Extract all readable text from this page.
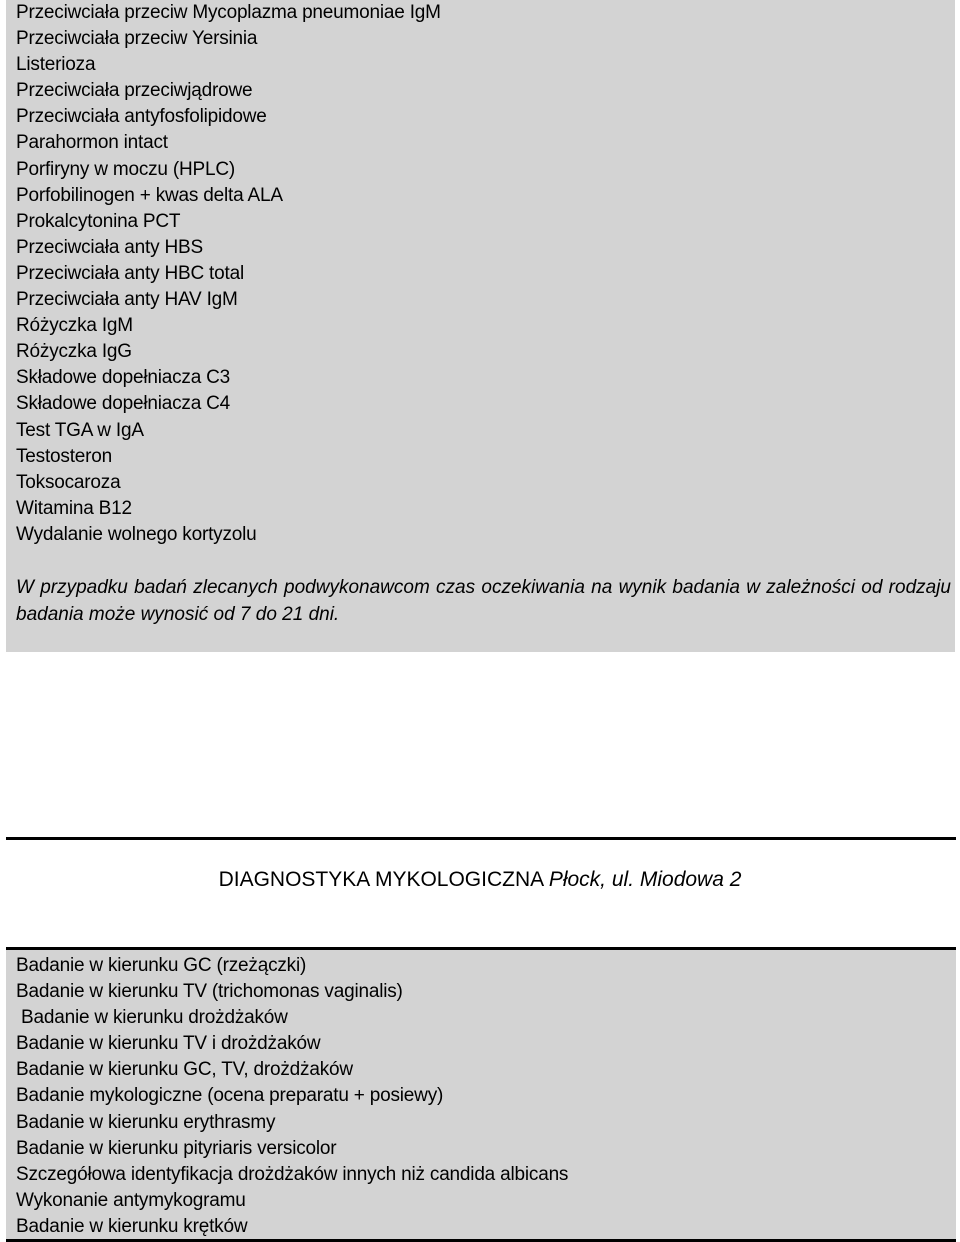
Przeciwciała przeciw Mycoplazma pneumoniae IgM
Przeciwciała przeciw Yersinia
Listerioza
Przeciwciała przeciwjądrowe
Przeciwciała antyfosfolipidowe
Parahormon intact
Porfiryny w moczu (HPLC)
Porfobilinogen + kwas delta ALA
Prokalcytonina PCT
Przeciwciała anty HBS
Przeciwciała anty HBC total
Przeciwciała anty HAV IgM
Różyczka IgM
Różyczka IgG
Składowe dopełniacza C3
Składowe dopełniacza C4
Test TGA w IgA
Testosteron
Toksocaroza
Witamina B12
Wydalanie wolnego kortyzolu
W przypadku badań zlecanych podwykonawcom czas oczekiwania na wynik badania w zależności od rodzaju badania może wynosić od 7 do 21 dni.
DIAGNOSTYKA MYKOLOGICZNA Płock, ul. Miodowa 2
Badanie w kierunku GC (rzeżączki)
Badanie w kierunku TV (trichomonas vaginalis)
Badanie w kierunku drożdżaków
Badanie w kierunku TV i drożdżaków
Badanie w kierunku GC, TV, drożdżaków
Badanie mykologiczne (ocena preparatu + posiewy)
Badanie w kierunku erythrasmy
Badanie w kierunku pityriaris versicolor
Szczegółowa identyfikacja drożdżaków innych niż candida albicans
Wykonanie antymykogramu
Badanie w kierunku krętków
